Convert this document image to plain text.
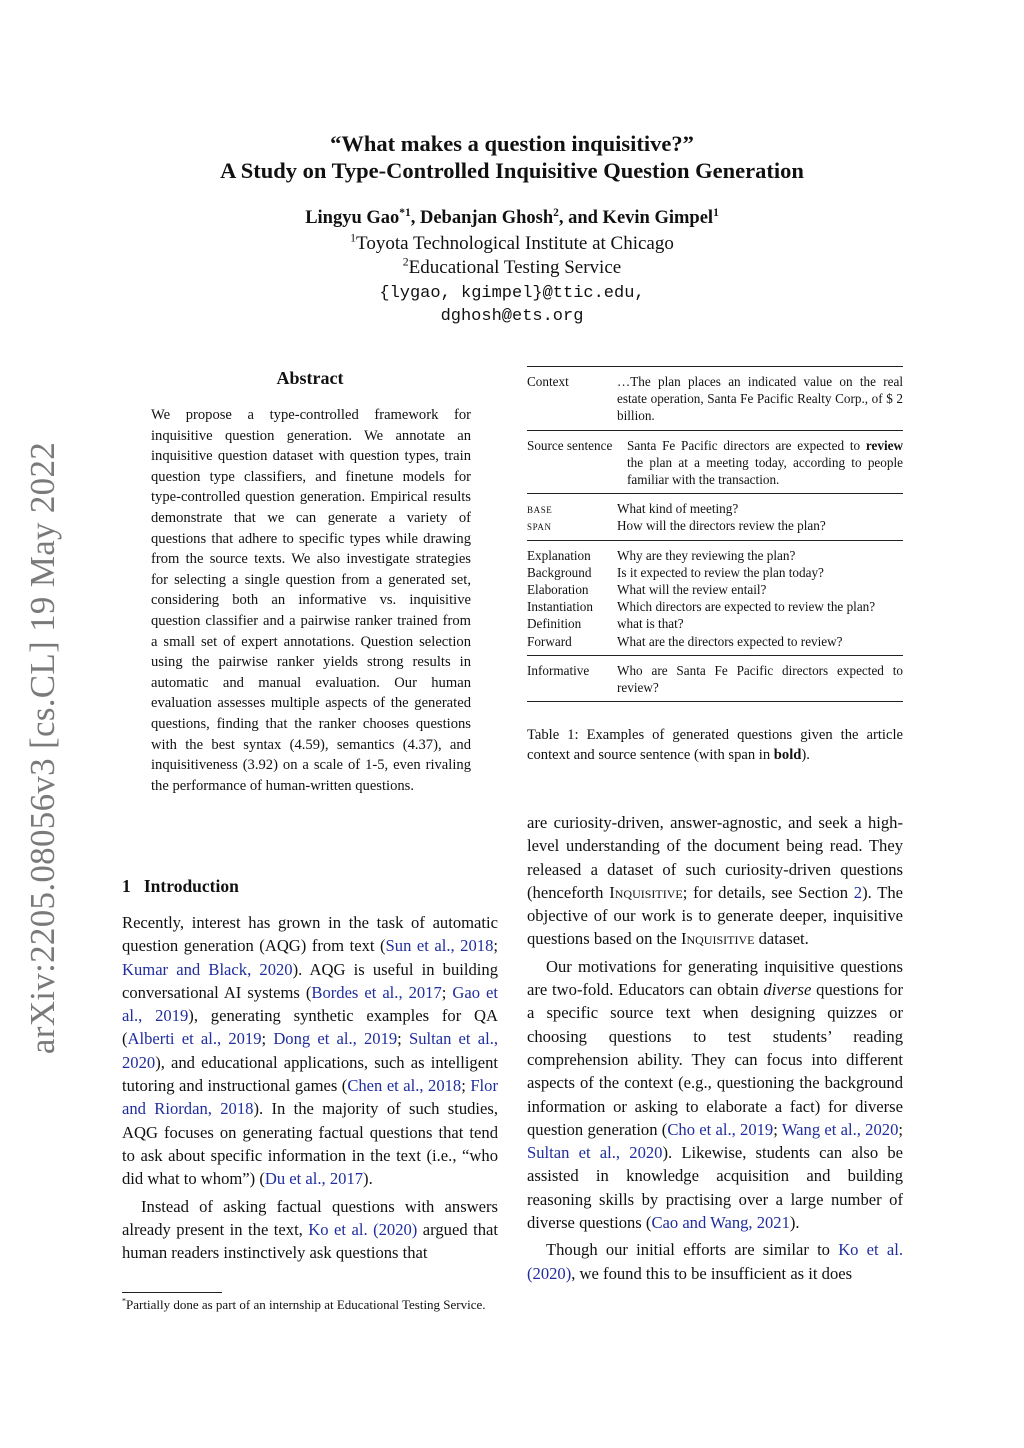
arXiv:2205.08056v3 [cs.CL] 19 May 2022
“What makes a question inquisitive?”
A Study on Type-Controlled Inquisitive Question Generation
Lingyu Gao$^{*1}$, Debanjan Ghosh$^2$, and Kevin Gimpel$^1$
$^1$Toyota Technological Institute at Chicago
$^2$Educational Testing Service
{lygao, kgimpel}@ttic.edu,
dghosh@ets.org
Abstract
We propose a type-controlled framework for inquisitive question generation. We annotate an inquisitive question dataset with question types, train question type classifiers, and finetune models for type-controlled question generation. Empirical results demonstrate that we can generate a variety of questions that adhere to specific types while drawing from the source texts. We also investigate strategies for selecting a single question from a generated set, considering both an informative vs. inquisitive question classifier and a pairwise ranker trained from a small set of expert annotations. Question selection using the pairwise ranker yields strong results in automatic and manual evaluation. Our human evaluation assesses multiple aspects of the generated questions, finding that the ranker chooses questions with the best syntax (4.59), semantics (4.37), and inquisitiveness (3.92) on a scale of 1-5, even rivaling the performance of human-written questions.
1   Introduction

Recently, interest has grown in the task of automatic question generation (AQG) from text (Sun et al., 2018; Kumar and Black, 2020). AQG is useful in building conversational AI systems (Bordes et al., 2017; Gao et al., 2019), generating synthetic examples for QA (Alberti et al., 2019; Dong et al., 2019; Sultan et al., 2020), and educational applications, such as intelligent tutoring and instructional games (Chen et al., 2018; Flor and Riordan, 2018). In the majority of such studies, AQG focuses on generating factual questions that tend to ask about specific information in the text (i.e., “who did what to whom”) (Du et al., 2017).

Instead of asking factual questions with answers already present in the text, Ko et al. (2020) argued that human readers instinctively ask questions that

*Partially done as part of an internship at Educational Testing Service.
Context	…The plan places an indicated value on the real estate operation, Santa Fe Pacific Realty Corp., of $ 2 billion.
Source sentence	Santa Fe Pacific directors are expected to review the plan at a meeting today, according to people familiar with the transaction.
base	What kind of meeting?
span	How will the directors review the plan?
Explanation	Why are they reviewing the plan?
Background	Is it expected to review the plan today?
Elaboration	What will the review entail?
Instantiation	Which directors are expected to review the plan?
Definition	what is that?
Forward	What are the directors expected to review?
Informative	Who are Santa Fe Pacific directors expected to review?
Table 1: Examples of generated questions given the article context and source sentence (with span in bold).

are curiosity-driven, answer-agnostic, and seek a high-level understanding of the document being read. They released a dataset of such curiosity-driven questions (henceforth Inquisitive; for details, see Section 2). The objective of our work is to generate deeper, inquisitive questions based on the Inquisitive dataset.

Our motivations for generating inquisitive questions are two-fold. Educators can obtain diverse questions for a specific source text when designing quizzes or choosing questions to test students’ reading comprehension ability. They can focus into different aspects of the context (e.g., questioning the background information or asking to elaborate a fact) for diverse question generation (Cho et al., 2019; Wang et al., 2020; Sultan et al., 2020). Likewise, students can also be assisted in knowledge acquisition and building reasoning skills by practising over a large number of diverse questions (Cao and Wang, 2021).

Though our initial efforts are similar to Ko et al. (2020), we found this to be insufficient as it does
